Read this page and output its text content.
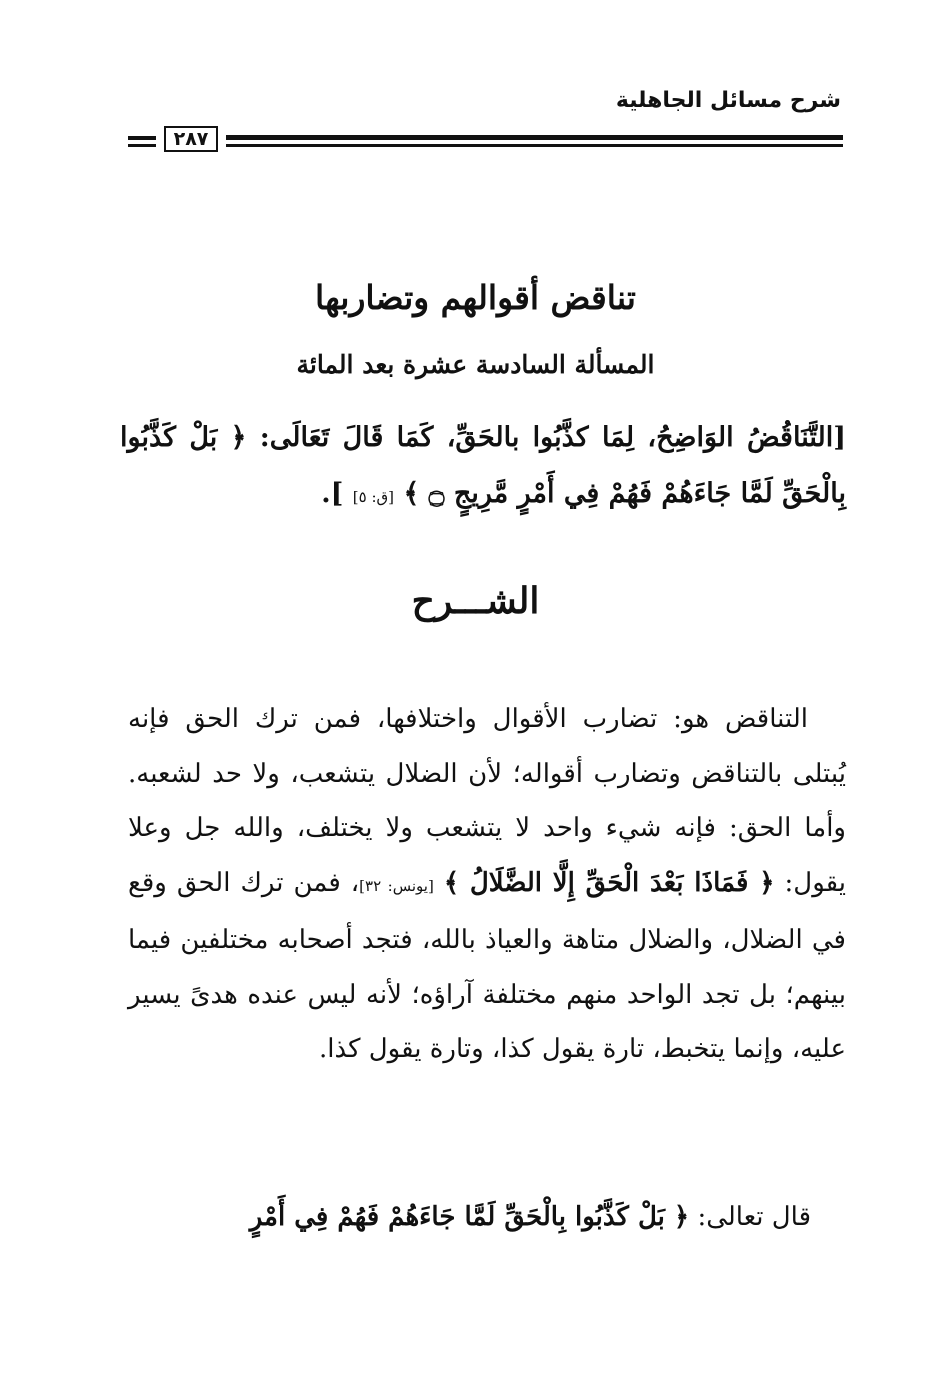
شرح مسائل الجاهلية
٢٨٧
تناقض أقوالهم وتضاربها
المسألة السادسة عشرة بعد المائة
[التَّنَاقُضُ الوَاضِحُ، لِمَا كذَّبُوا بالحَقِّ، كَمَا قَالَ تَعَالَى: ﴿ بَلْ كَذَّبُوا بِالْحَقِّ لَمَّا جَاءَهُمْ فَهُمْ فِي أَمْرٍ مَّرِيجٍ ۝ ﴾ [ق: ٥] ].
الشـــرح
التناقض هو: تضارب الأقوال واختلافها، فمن ترك الحق فإنه يُبتلى بالتناقض وتضارب أقواله؛ لأن الضلال يتشعب، ولا حد لشعبه. وأما الحق: فإنه شيء واحد لا يتشعب ولا يختلف، والله جل وعلا يقول: ﴿ فَمَاذَا بَعْدَ الْحَقِّ إِلَّا الضَّلَالُ ﴾ [يونس: ٣٢]، فمن ترك الحق وقع في الضلال، والضلال متاهة والعياذ بالله، فتجد أصحابه مختلفين فيما بينهم؛ بل تجد الواحد منهم مختلفة آراؤه؛ لأنه ليس عنده هدىً يسير عليه، وإنما يتخبط، تارة يقول كذا، وتارة يقول كذا.
قال تعالى: ﴿ بَلْ كَذَّبُوا بِالْحَقِّ لَمَّا جَاءَهُمْ فَهُمْ فِي أَمْرٍ
